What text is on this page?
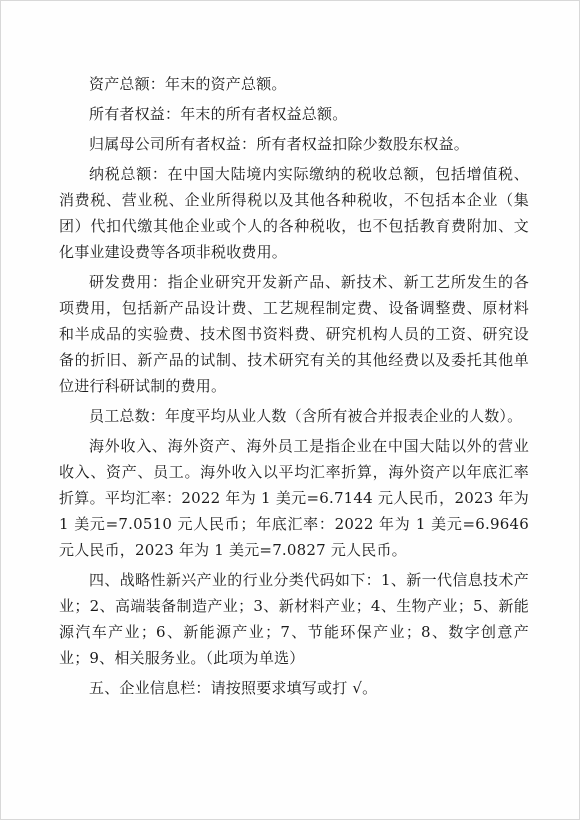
资产总额：年末的资产总额。

所有者权益：年末的所有者权益总额。

归属母公司所有者权益：所有者权益扣除少数股东权益。

纳税总额：在中国大陆境内实际缴纳的税收总额，包括增值税、消费税、营业税、企业所得税以及其他各种税收，不包括本企业（集团）代扣代缴其他企业或个人的各种税收，也不包括教育费附加、文化事业建设费等各项非税收费用。

研发费用：指企业研究开发新产品、新技术、新工艺所发生的各项费用，包括新产品设计费、工艺规程制定费、设备调整费、原材料和半成品的实验费、技术图书资料费、研究机构人员的工资、研究设备的折旧、新产品的试制、技术研究有关的其他经费以及委托其他单位进行科研试制的费用。

员工总数：年度平均从业人数（含所有被合并报表企业的人数）。

海外收入、海外资产、海外员工是指企业在中国大陆以外的营业收入、资产、员工。海外收入以平均汇率折算，海外资产以年底汇率折算。平均汇率：2022 年为 1 美元=6.7144 元人民币，2023 年为 1 美元=7.0510 元人民币；年底汇率：2022 年为 1 美元=6.9646 元人民币，2023 年为 1 美元=7.0827 元人民币。

四、战略性新兴产业的行业分类代码如下：1、新一代信息技术产业；2、高端装备制造产业；3、新材料产业；4、生物产业；5、新能源汽车产业；6、新能源产业；7、节能环保产业；8、数字创意产业；9、相关服务业。（此项为单选）

五、企业信息栏：请按照要求填写或打 √。
